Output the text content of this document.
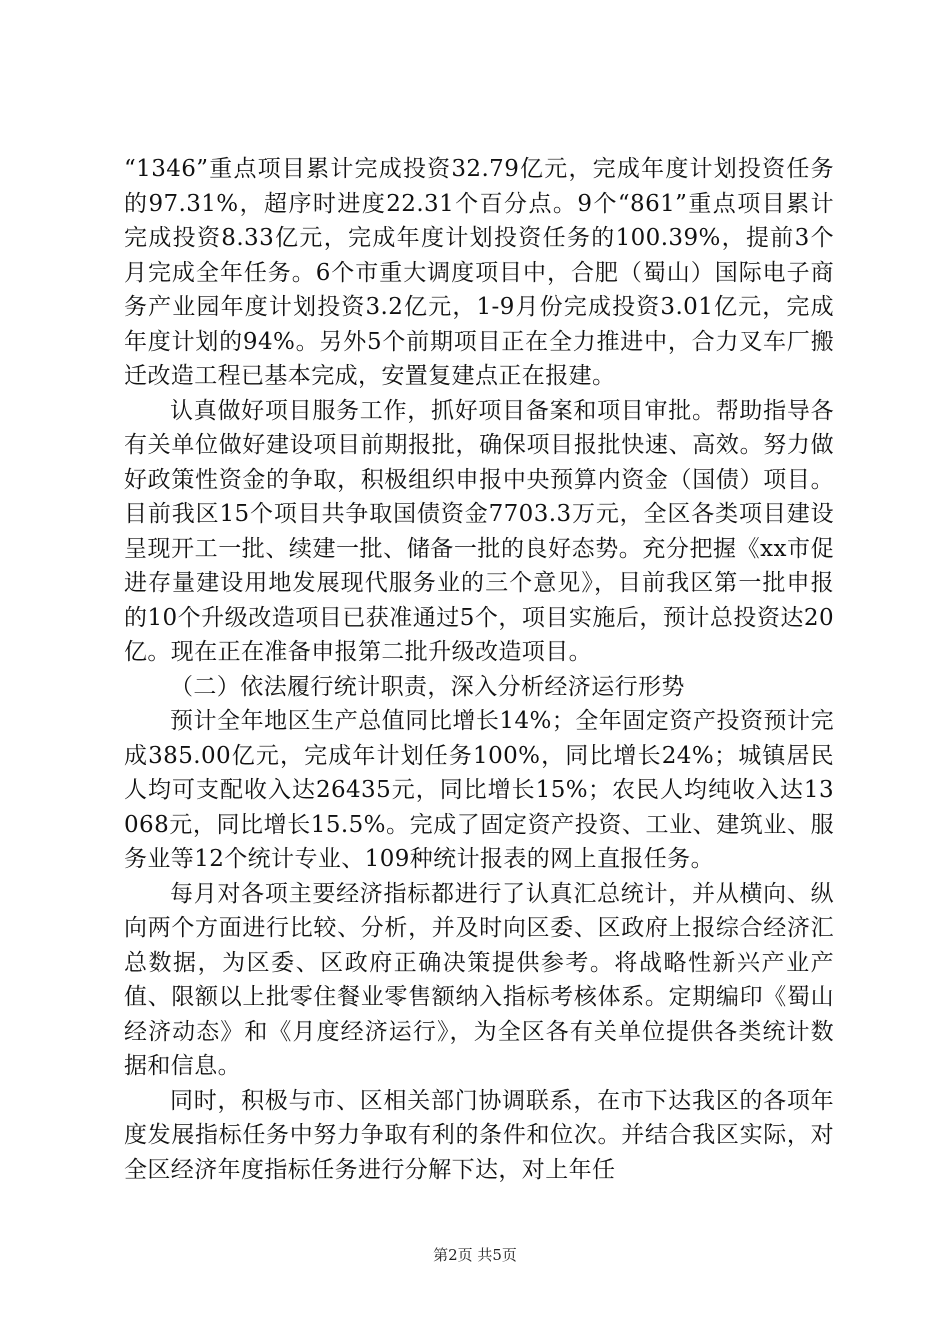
“1346”重点项目累计完成投资32.79亿元，完成年度计划投资任务的97.31%，超序时进度22.31个百分点。9个“861”重点项目累计完成投资8.33亿元，完成年度计划投资任务的100.39%，提前3个月完成全年任务。6个市重大调度项目中，合肥（蜀山）国际电子商务产业园年度计划投资3.2亿元，1-9月份完成投资3.01亿元，完成年度计划的94%。另外5个前期项目正在全力推进中，合力叉车厂搬迁改造工程已基本完成，安置复建点正在报建。

认真做好项目服务工作，抓好项目备案和项目审批。帮助指导各有关单位做好建设项目前期报批，确保项目报批快速、高效。努力做好政策性资金的争取，积极组织申报中央预算内资金（国债）项目。目前我区15个项目共争取国债资金7703.3万元，全区各类项目建设呈现开工一批、续建一批、储备一批的良好态势。充分把握《xx市促进存量建设用地发展现代服务业的三个意见》，目前我区第一批申报的10个升级改造项目已获准通过5个，项目实施后，预计总投资达20亿。现在正在准备申报第二批升级改造项目。

（二）依法履行统计职责，深入分析经济运行形势

预计全年地区生产总值同比增长14%；全年固定资产投资预计完成385.00亿元，完成年计划任务100%，同比增长24%；城镇居民人均可支配收入达26435元，同比增长15%；农民人均纯收入达13068元，同比增长15.5%。完成了固定资产投资、工业、建筑业、服务业等12个统计专业、109种统计报表的网上直报任务。

每月对各项主要经济指标都进行了认真汇总统计，并从横向、纵向两个方面进行比较、分析，并及时向区委、区政府上报综合经济汇总数据，为区委、区政府正确决策提供参考。将战略性新兴产业产值、限额以上批零住餐业零售额纳入指标考核体系。定期编印《蜀山经济动态》和《月度经济运行》，为全区各有关单位提供各类统计数据和信息。

同时，积极与市、区相关部门协调联系，在市下达我区的各项年度发展指标任务中努力争取有利的条件和位次。并结合我区实际，对全区经济年度指标任务进行分解下达，对上年任

第2页 共5页
